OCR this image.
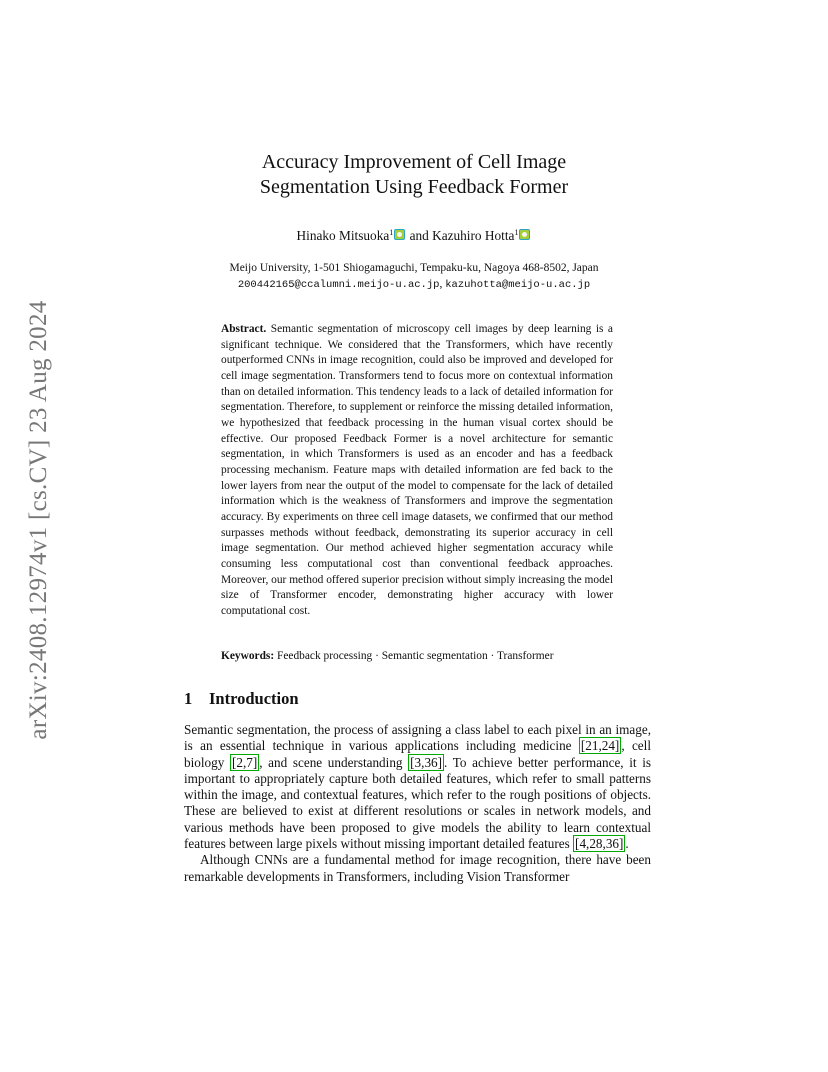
arXiv:2408.12974v1 [cs.CV] 23 Aug 2024
Accuracy Improvement of Cell Image
Segmentation Using Feedback Former
Hinako Mitsuoka$^1$ and Kazuhiro Hotta$^1$
Meijo University, 1-501 Shiogamaguchi, Tempaku-ku, Nagoya 468-8502, Japan
200442165@ccalumni.meijo-u.ac.jp, kazuhotta@meijo-u.ac.jp
Abstract. Semantic segmentation of microscopy cell images by deep learning is a significant technique. We considered that the Transformers, which have recently outperformed CNNs in image recognition, could also be improved and developed for cell image segmentation. Transformers tend to focus more on contextual information than on detailed information. This tendency leads to a lack of detailed information for segmentation. Therefore, to supplement or reinforce the missing detailed information, we hypothesized that feedback processing in the human visual cortex should be effective. Our proposed Feedback Former is a novel architecture for semantic segmentation, in which Transformers is used as an encoder and has a feedback processing mechanism. Feature maps with detailed information are fed back to the lower layers from near the output of the model to compensate for the lack of detailed information which is the weakness of Transformers and improve the segmentation accuracy. By experiments on three cell image datasets, we confirmed that our method surpasses methods without feedback, demonstrating its superior accuracy in cell image segmentation. Our method achieved higher segmentation accuracy while consuming less computational cost than conventional feedback approaches. Moreover, our method offered superior precision without simply increasing the model size of Transformer encoder, demonstrating higher accuracy with lower computational cost.
Keywords: Feedback processing · Semantic segmentation · Transformer
1 Introduction

Semantic segmentation, the process of assigning a class label to each pixel in an image, is an essential technique in various applications including medicine [21,24] , cell biology [2,7] , and scene understanding [3,36] . To achieve better performance, it is important to appropriately capture both detailed features, which refer to small patterns within the image, and contextual features, which refer to the rough positions of objects. These are believed to exist at different resolutions or scales in network models, and various methods have been proposed to give models the ability to learn contextual features between large pixels without missing important detailed features [4,28,36] .

Although CNNs are a fundamental method for image recognition, there have been remarkable developments in Transformers, including Vision Transformer
